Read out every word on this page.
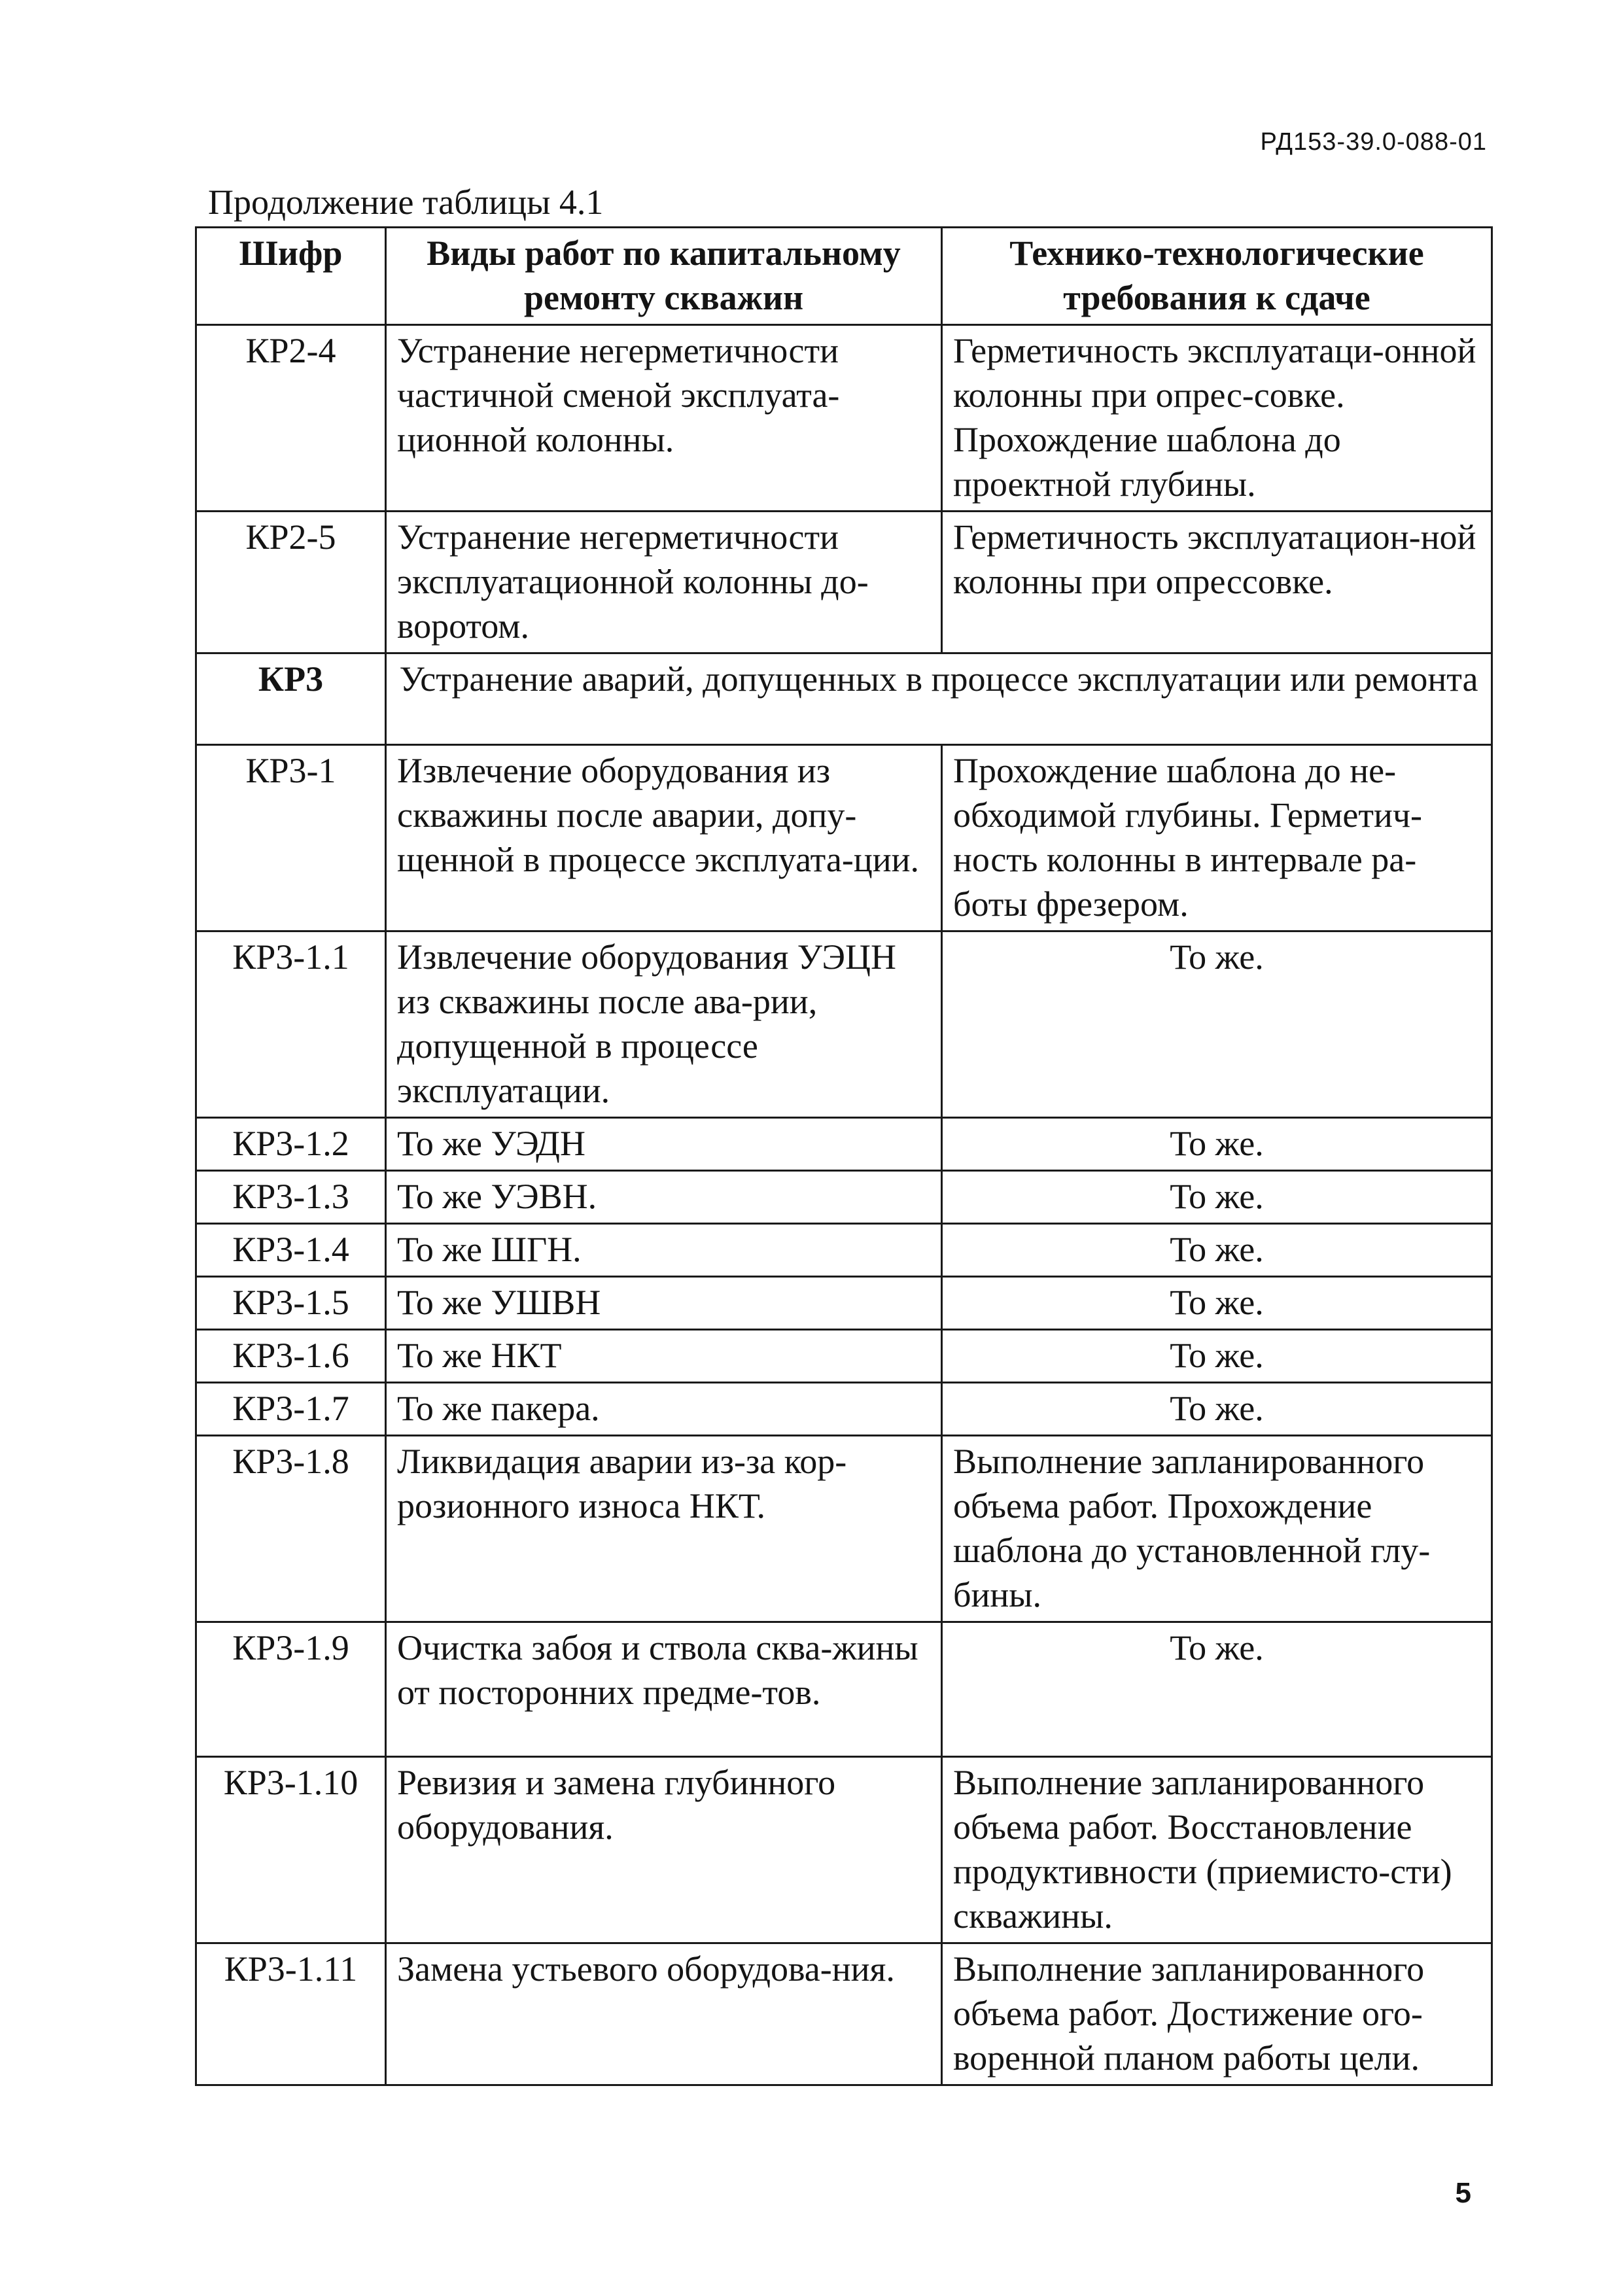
РД153-39.0-088-01
Продолжение таблицы 4.1
Шифр	Виды работ по капитальному ремонту скважин	Технико-технологические требования к сдаче
КР2-4	Устранение негерметичности частичной сменой эксплуата-ционной колонны.	Герметичность эксплуатаци-онной колонны при опрес-совке. Прохождение шаблона до проектной глубины.
КР2-5	Устранение негерметичности эксплуатационной колонны до-воротом.	Герметичность эксплуатацион-ной колонны при опрессовке.
КР3	Устранение аварий, допущенных в процессе эксплуатации или ремонта	
КР3-1	Извлечение оборудования из скважины после аварии, допу-щенной в процессе эксплуата-ции.	Прохождение шаблона до не-обходимой глубины. Герметич-ность колонны в интервале ра-боты фрезером.
КР3-1.1	Извлечение оборудования УЭЦН из скважины после ава-рии, допущенной в процессе эксплуатации.	То же.
КР3-1.2	То же УЭДН	То же.
КР3-1.3	То же УЭВН.	То же.
КР3-1.4	То же ШГН.	То же.
КР3-1.5	То же УШВН	То же.
КР3-1.6	То же НКТ	То же.
КР3-1.7	То же пакера.	То же.
КР3-1.8	Ликвидация аварии из-за кор-розионного износа НКТ.	Выполнение запланированного объема работ. Прохождение шаблона до установленной глу-бины.
КР3-1.9	Очистка забоя и ствола сква-жины от посторонних предме-тов.	То же.
КР3-1.10	Ревизия и замена глубинного оборудования.	Выполнение запланированного объема работ. Восстановление продуктивности (приемисто-сти) скважины.
КР3-1.11	Замена устьевого оборудова-ния.	Выполнение запланированного объема работ. Достижение ого-воренной планом работы цели.
5
